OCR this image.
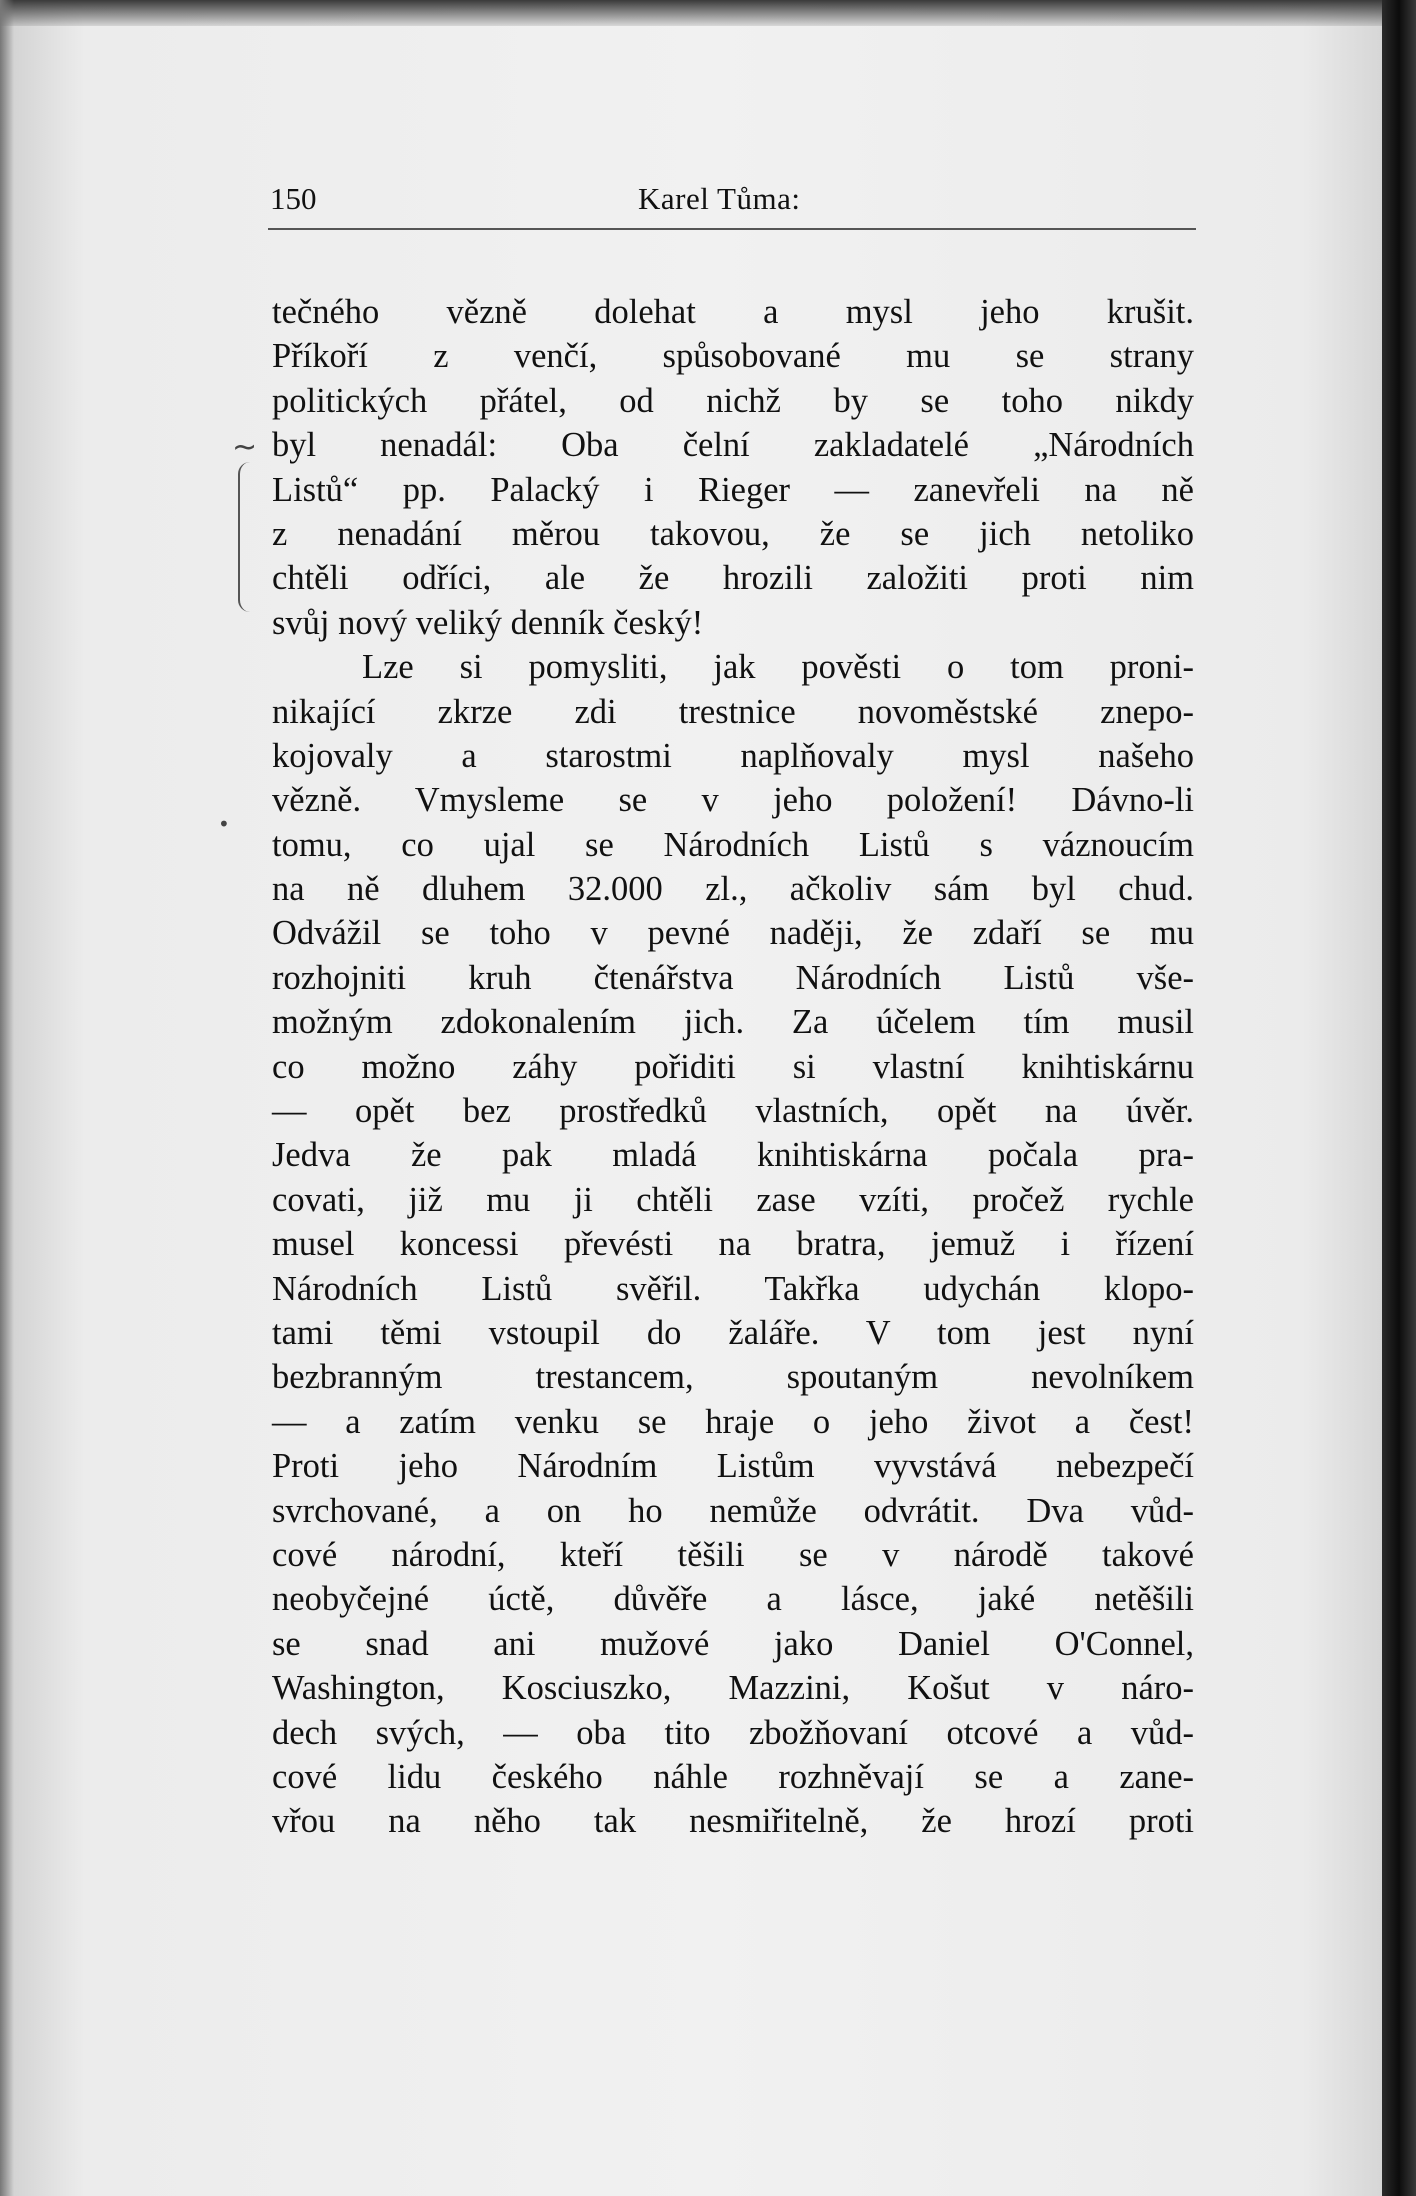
150	Karel Tůma:
~
•
tečného vězně dolehat a mysl jeho krušit.
Příkoří z venčí, spůsobované mu se strany
politických přátel, od nichž by se toho nikdy
byl nenadál: Oba čelní zakladatelé „Národních
Listů“ pp. Palacký i Rieger — zanevřeli na ně
z nenadání měrou takovou, že se jich netoliko
chtěli odříci, ale že hrozili založiti proti nim
svůj nový veliký denník český!
Lze si pomysliti, jak pověsti o tom proni-
nikající zkrze zdi trestnice novoměstské znepo-
kojovaly a starostmi naplňovaly mysl našeho
vězně. Vmysleme se v jeho položení! Dávno-li
tomu, co ujal se Národních Listů s váznoucím
na ně dluhem 32.000 zl., ačkoliv sám byl chud.
Odvážil se toho v pevné naději, že zdaří se mu
rozhojniti kruh čtenářstva Národních Listů vše-
možným zdokonalením jich. Za účelem tím musil
co možno záhy pořiditi si vlastní knihtiskárnu
— opět bez prostředků vlastních, opět na úvěr.
Jedva že pak mladá knihtiskárna počala pra-
covati, již mu ji chtěli zase vzíti, pročež rychle
musel koncessi převésti na bratra, jemuž i řízení
Národních Listů svěřil. Takřka udychán klopo-
tami těmi vstoupil do žaláře. V tom jest nyní
bezbranným trestancem, spoutaným nevolníkem
— a zatím venku se hraje o jeho život a čest!
Proti jeho Národním Listům vyvstává nebezpečí
svrchované, a on ho nemůže odvrátit. Dva vůd-
cové národní, kteří těšili se v národě takové
neobyčejné úctě, důvěře a lásce, jaké netěšili
se snad ani mužové jako Daniel O'Connel,
Washington, Kosciuszko, Mazzini, Košut v náro-
dech svých, — oba tito zbožňovaní otcové a vůd-
cové lidu českého náhle rozhněvají se a zane-
vřou na něho tak nesmiřitelně, že hrozí proti
